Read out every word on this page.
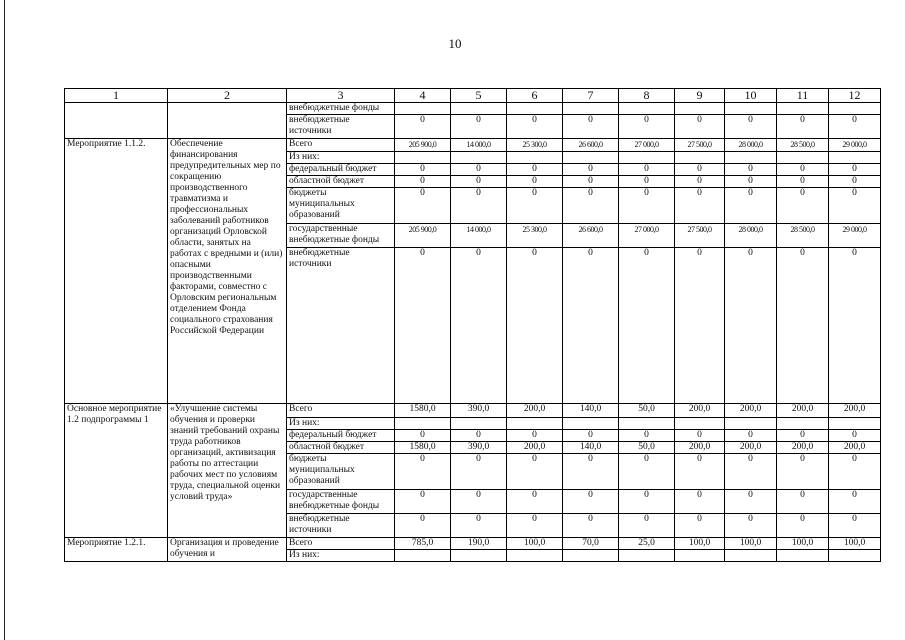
10
1	2	3	4	5	6	7	8	9	10	11	12
		внебюджетные фонды									
		внебюджетные источники	0	0	0	0	0	0	0	0	0
Мероприятие 1.1.2.	Обеспечение финансирования предупредительных мер по сокращению производственного травматизма и профессиональных заболеваний работников организаций Орловской области, занятых на работах с вредными и (или) опасными производственными факторами, совместно с Орловским региональным отделением Фонда социального страхования Российской Федерации	Всего	205 900,0	14 000,0	25 300,0	26 600,0	27 000,0	27 500,0	28 000,0	28 500,0	29 000,0
		Из них:									
		федеральный бюджет	0	0	0	0	0	0	0	0	0
		областной бюджет	0	0	0	0	0	0	0	0	0
		бюджеты муниципальных образований	0	0	0	0	0	0	0	0	0
		государственные внебюджетные фонды	205 900,0	14 000,0	25 300,0	26 600,0	27 000,0	27 500,0	28 000,0	28 500,0	29 000,0
		внебюджетные источники	0	0	0	0	0	0	0	0	0
Основное мероприятие 1.2 подпрограммы 1	«Улучшение системы обучения и проверки знаний требований охраны труда работников организаций, активизация работы по аттестации рабочих мест по условиям труда, специальной оценки условий труда»	Всего	1580,0	390,0	200,0	140,0	50,0	200,0	200,0	200,0	200,0
		Из них:									
		федеральный бюджет	0	0	0	0	0	0	0	0	0
		областной бюджет	1580,0	390,0	200,0	140,0	50,0	200,0	200,0	200,0	200,0
		бюджеты муниципальных образований	0	0	0	0	0	0	0	0	0
		государственные внебюджетные фонды	0	0	0	0	0	0	0	0	0
		внебюджетные источники	0	0	0	0	0	0	0	0	0
Мероприятие 1.2.1.	Организация и проведение обучения и	Всего	785,0	190,0	100,0	70,0	25,0	100,0	100,0	100,0	100,0
		Из них:									
